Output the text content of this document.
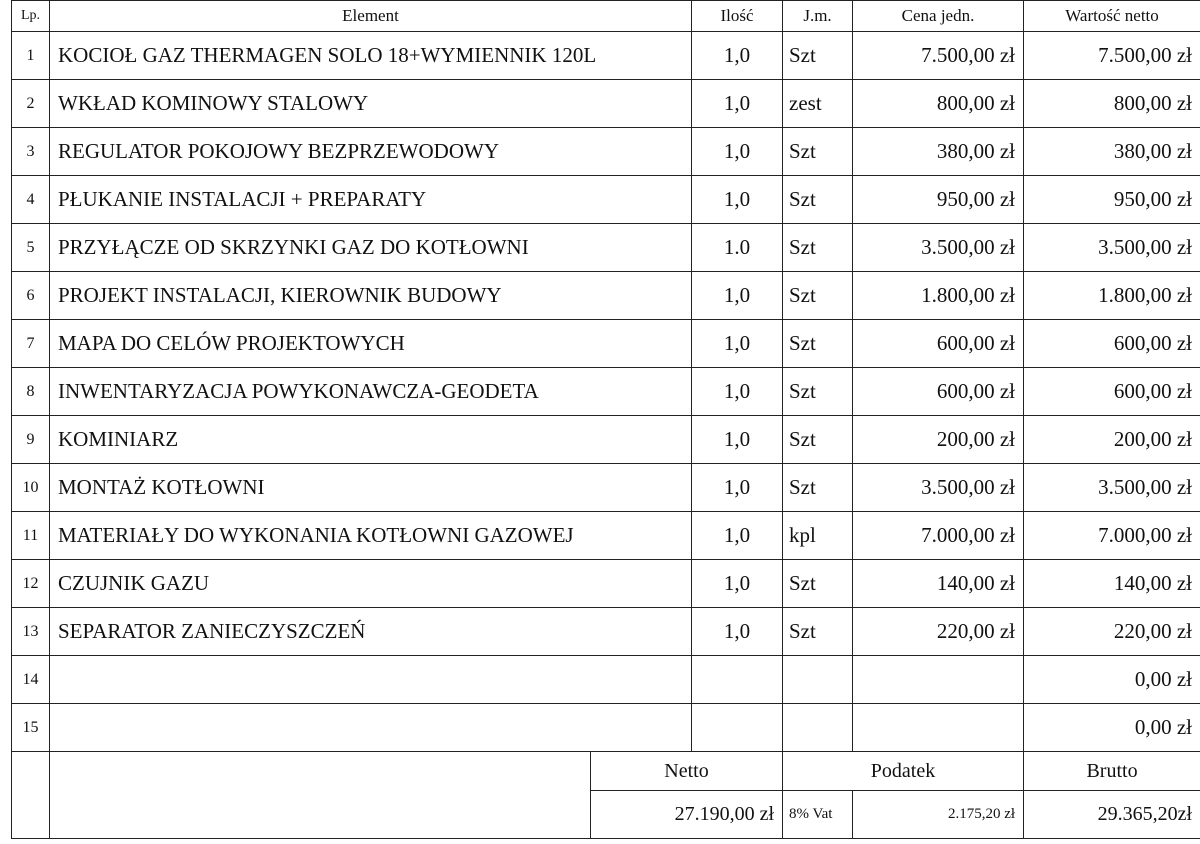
Lp.	Element		Ilość	J.m.	Cena jedn.	Wartość netto
1	KOCIOŁ GAZ THERMAGEN SOLO 18+WYMIENNIK 120L		1,0	Szt	7.500,00 zł	7.500,00 zł
2	WKŁAD KOMINOWY STALOWY		1,0	zest	800,00 zł	800,00 zł
3	REGULATOR POKOJOWY BEZPRZEWODOWY		1,0	Szt	380,00 zł	380,00 zł
4	PŁUKANIE INSTALACJI + PREPARATY		1,0	Szt	950,00 zł	950,00 zł
5	PRZYŁĄCZE OD SKRZYNKI GAZ DO KOTŁOWNI		1.0	Szt	3.500,00 zł	3.500,00 zł
6	PROJEKT INSTALACJI, KIEROWNIK BUDOWY		1,0	Szt	1.800,00 zł	1.800,00 zł
7	MAPA DO CELÓW PROJEKTOWYCH		1,0	Szt	600,00 zł	600,00 zł
8	INWENTARYZACJA POWYKONAWCZA-GEODETA		1,0	Szt	600,00 zł	600,00 zł
9	KOMINIARZ		1,0	Szt	200,00 zł	200,00 zł
10	MONTAŻ KOTŁOWNI		1,0	Szt	3.500,00 zł	3.500,00 zł
11	MATERIAŁY DO WYKONANIA KOTŁOWNI GAZOWEJ		1,0	kpl	7.000,00 zł	7.000,00 zł
12	CZUJNIK GAZU		1,0	Szt	140,00 zł	140,00 zł
13	SEPARATOR ZANIECZYSZCZEŃ		1,0	Szt	220,00 zł	220,00 zł
14						0,00 zł
15						0,00 zł
		Netto		Podatek		Brutto
		27.190,00 zł		8% Vat	2.175,20 zł	29.365,20zł
